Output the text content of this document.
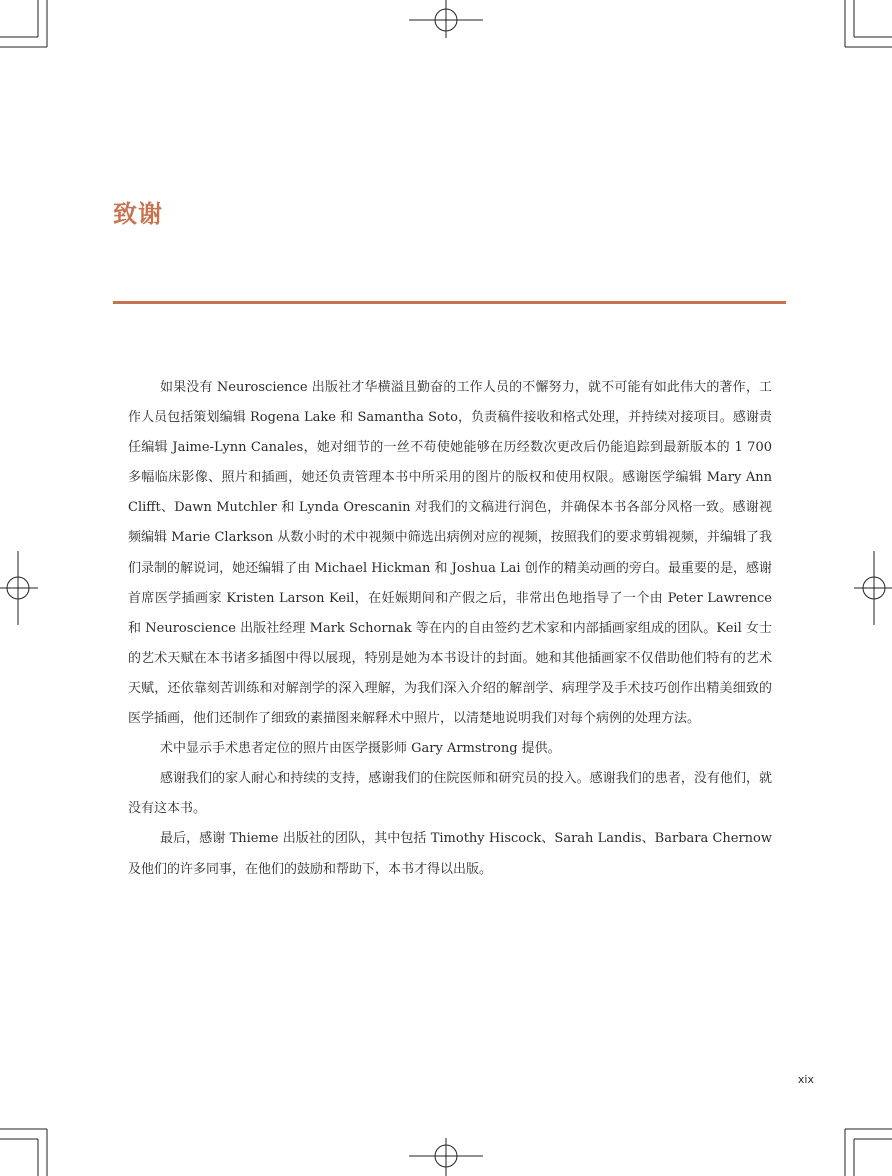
致谢

如果没有 Neuroscience 出版社才华横溢且勤奋的工作人员的不懈努力，就不可能有如此伟大的著作，工作人员包括策划编辑 Rogena Lake 和 Samantha Soto，负责稿件接收和格式处理，并持续对接项目。感谢责任编辑 Jaime-Lynn Canales，她对细节的一丝不苟使她能够在历经数次更改后仍能追踪到最新版本的 1 700 多幅临床影像、照片和插画，她还负责管理本书中所采用的图片的版权和使用权限。感谢医学编辑 Mary Ann Clifft、Dawn Mutchler 和 Lynda Orescanin 对我们的文稿进行润色，并确保本书各部分风格一致。感谢视频编辑 Marie Clarkson 从数小时的术中视频中筛选出病例对应的视频，按照我们的要求剪辑视频，并编辑了我们录制的解说词，她还编辑了由 Michael Hickman 和 Joshua Lai 创作的精美动画的旁白。最重要的是，感谢首席医学插画家 Kristen Larson Keil，在妊娠期间和产假之后，非常出色地指导了一个由 Peter Lawrence 和 Neuroscience 出版社经理 Mark Schornak 等在内的自由签约艺术家和内部插画家组成的团队。Keil 女士的艺术天赋在本书诸多插图中得以展现，特别是她为本书设计的封面。她和其他插画家不仅借助他们特有的艺术天赋，还依靠刻苦训练和对解剖学的深入理解，为我们深入介绍的解剖学、病理学及手术技巧创作出精美细致的医学插画，他们还制作了细致的素描图来解释术中照片，以清楚地说明我们对每个病例的处理方法。

术中显示手术患者定位的照片由医学摄影师 Gary Armstrong 提供。

感谢我们的家人耐心和持续的支持，感谢我们的住院医师和研究员的投入。感谢我们的患者，没有他们，就没有这本书。

最后，感谢 Thieme 出版社的团队，其中包括 Timothy Hiscock、Sarah Landis、Barbara Chernow 及他们的许多同事，在他们的鼓励和帮助下，本书才得以出版。

xix
